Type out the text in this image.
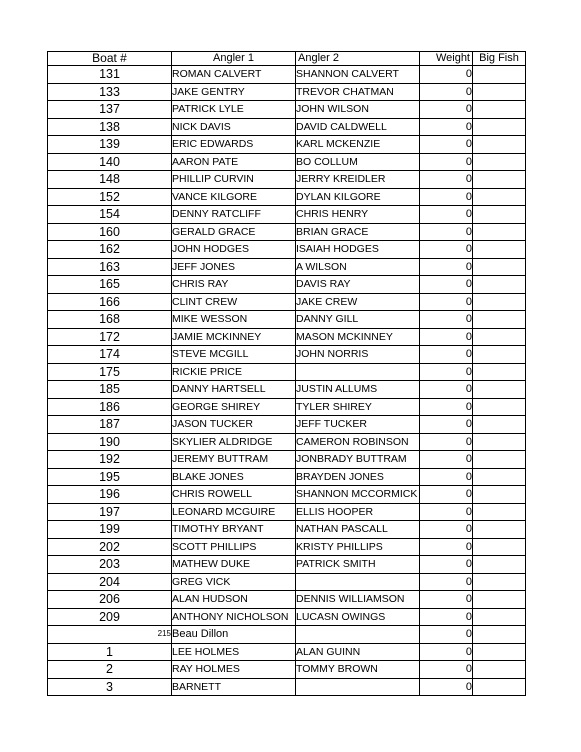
Boat #	Angler 1	Angler 2	Weight	Big Fish
131	ROMAN CALVERT	SHANNON CALVERT	0	
133	JAKE GENTRY	TREVOR CHATMAN	0	
137	PATRICK LYLE	JOHN WILSON	0	
138	NICK DAVIS	DAVID CALDWELL	0	
139	ERIC EDWARDS	KARL MCKENZIE	0	
140	AARON PATE	BO COLLUM	0	
148	PHILLIP CURVIN	JERRY KREIDLER	0	
152	VANCE KILGORE	DYLAN KILGORE	0	
154	DENNY RATCLIFF	CHRIS HENRY	0	
160	GERALD GRACE	BRIAN GRACE	0	
162	JOHN HODGES	ISAIAH HODGES	0	
163	JEFF JONES	A WILSON	0	
165	CHRIS RAY	DAVIS RAY	0	
166	CLINT CREW	JAKE CREW	0	
168	MIKE WESSON	DANNY GILL	0	
172	JAMIE MCKINNEY	MASON MCKINNEY	0	
174	STEVE MCGILL	JOHN NORRIS	0	
175	RICKIE PRICE		0	
185	DANNY HARTSELL	JUSTIN ALLUMS	0	
186	GEORGE SHIREY	TYLER SHIREY	0	
187	JASON TUCKER	JEFF TUCKER	0	
190	SKYLIER ALDRIDGE	CAMERON ROBINSON	0	
192	JEREMY BUTTRAM	JONBRADY BUTTRAM	0	
195	BLAKE JONES	BRAYDEN JONES	0	
196	CHRIS ROWELL	SHANNON MCCORMICK	0	
197	LEONARD MCGUIRE	ELLIS HOOPER	0	
199	TIMOTHY BRYANT	NATHAN PASCALL	0	
202	SCOTT PHILLIPS	KRISTY PHILLIPS	0	
203	MATHEW DUKE	PATRICK SMITH	0	
204	GREG VICK		0	
206	ALAN HUDSON	DENNIS WILLIAMSON	0	
209	ANTHONY NICHOLSON	LUCASN OWINGS	0	
215	Beau Dillon		0	
1	LEE HOLMES	ALAN GUINN	0	
2	RAY HOLMES	TOMMY BROWN	0	
3	BARNETT		0	
